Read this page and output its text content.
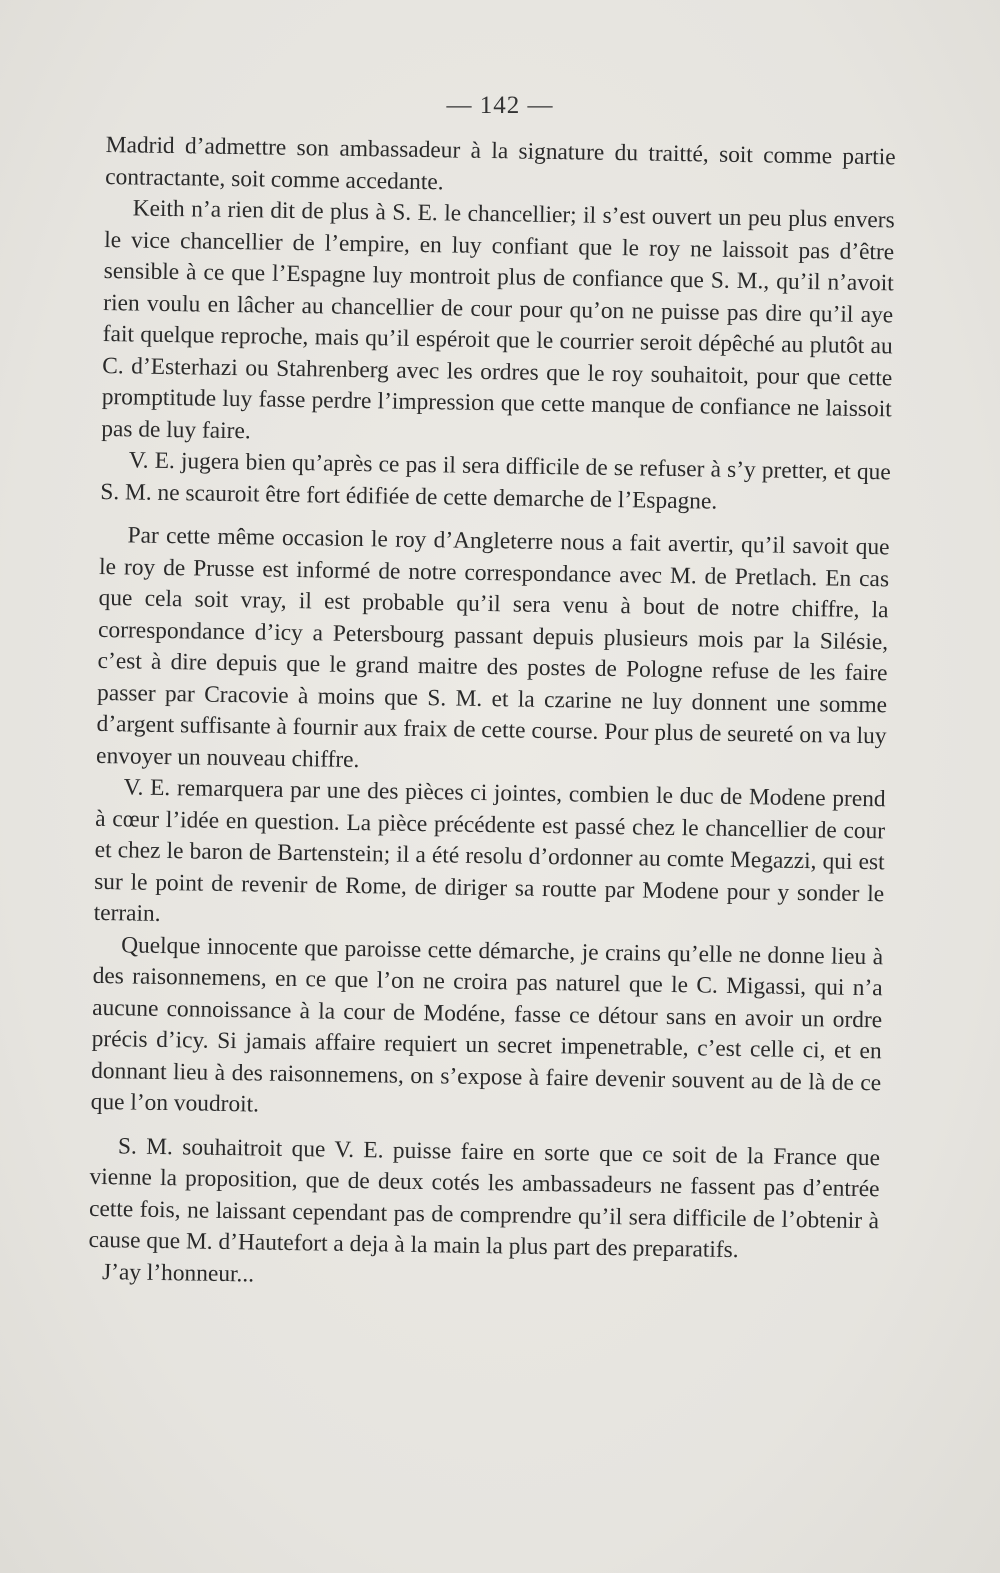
— 142 —

Madrid d’admettre son ambassadeur à la signature du traitté, soit comme partie contractante, soit comme accedante.

Keith n’a rien dit de plus à S. E. le chancellier; il s’est ouvert un peu plus envers le vice chancellier de l’empire, en luy confiant que le roy ne laissoit pas d’être sensible à ce que l’Espagne luy montroit plus de confiance que S. M., qu’il n’avoit rien voulu en lâcher au chancellier de cour pour qu’on ne puisse pas dire qu’il aye fait quelque reproche, mais qu’il espéroit que le courrier seroit dépêché au plutôt au C. d’Esterhazi ou Stahrenberg avec les ordres que le roy souhaitoit, pour que cette promptitude luy fasse perdre l’impression que cette manque de confiance ne laissoit pas de luy faire.

V. E. jugera bien qu’après ce pas il sera difficile de se refuser à s’y pretter, et que S. M. ne scauroit être fort édifiée de cette demarche de l’Espagne.

Par cette même occasion le roy d’Angleterre nous a fait avertir, qu’il savoit que le roy de Prusse est informé de notre correspondance avec M. de Pretlach. En cas que cela soit vray, il est probable qu’il sera venu à bout de notre chiffre, la correspondance d’icy a Petersbourg passant depuis plusieurs mois par la Silésie, c’est à dire depuis que le grand maitre des postes de Pologne refuse de les faire passer par Cracovie à moins que S. M. et la czarine ne luy donnent une somme d’argent suffisante à fournir aux fraix de cette course. Pour plus de seureté on va luy envoyer un nouveau chiffre.

V. E. remarquera par une des pièces ci jointes, combien le duc de Modene prend à cœur l’idée en question. La pièce précédente est passé chez le chancellier de cour et chez le baron de Bartenstein; il a été resolu d’ordonner au comte Megazzi, qui est sur le point de revenir de Rome, de diriger sa routte par Modene pour y sonder le terrain.

Quelque innocente que paroisse cette démarche, je crains qu’elle ne donne lieu à des raisonnemens, en ce que l’on ne croira pas naturel que le C. Migassi, qui n’a aucune connoissance à la cour de Modéne, fasse ce détour sans en avoir un ordre précis d’icy. Si jamais affaire requiert un secret impenetrable, c’est celle ci, et en donnant lieu à des raisonnemens, on s’expose à faire devenir souvent au de là de ce que l’on voudroit.

S. M. souhaitroit que V. E. puisse faire en sorte que ce soit de la France que vienne la proposition, que de deux cotés les ambassadeurs ne fassent pas d’entrée cette fois, ne laissant cependant pas de comprendre qu’il sera difficile de l’obtenir à cause que M. d’Hautefort a deja à la main la plus part des preparatifs.

J’ay l’honneur...
